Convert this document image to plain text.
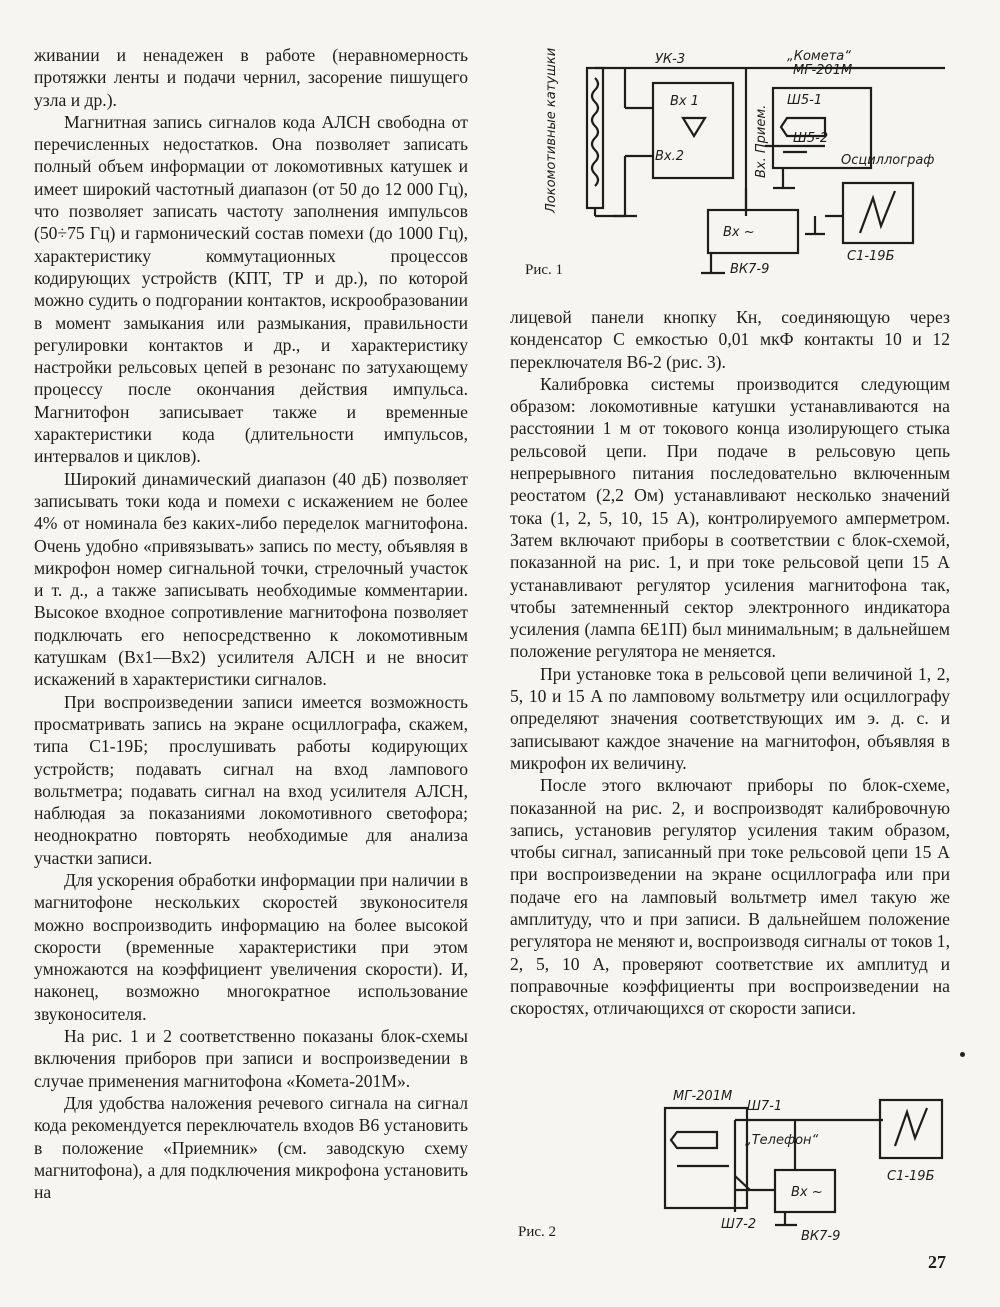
живании и ненадежен в работе (неравномерность протяжки ленты и подачи чернил, засорение пишущего узла и др.).

Магнитная запись сигналов кода АЛСН свободна от перечисленных недостатков. Она позволяет записать полный объем информации от локомотивных катушек и имеет широкий частотный диапазон (от 50 до 12 000 Гц), что позволяет записать частоту заполнения импульсов (50÷75 Гц) и гармонический состав помехи (до 1000 Гц), характеристику коммутационных процессов кодирующих устройств (КПТ, ТР и др.), по которой можно судить о подгорании контактов, искрообразовании в момент замыкания или размыкания, правильности регулировки контактов и др., и характеристику настройки рельсовых цепей в резонанс по затухающему процессу после окончания действия импульса. Магнитофон записывает также и временные характеристики кода (длительности импульсов, интервалов и циклов).

Широкий динамический диапазон (40 дБ) позволяет записывать токи кода и помехи с искажением не более 4% от номинала без каких-либо переделок магнитофона. Очень удобно «привязывать» запись по месту, объявляя в микрофон номер сигнальной точки, стрелочный участок и т. д., а также записывать необходимые комментарии. Высокое входное сопротивление магнитофона позволяет подключать его непосредственно к локомотивным катушкам (Вх1—Вх2) усилителя АЛСН и не вносит искажений в характеристики сигналов.

При воспроизведении записи имеется возможность просматривать запись на экране осциллографа, скажем, типа С1-19Б; прослушивать работы кодирующих устройств; подавать сигнал на вход лампового вольтметра; подавать сигнал на вход усилителя АЛСН, наблюдая за показаниями локомотивного светофора; неоднократно повторять необходимые для анализа участки записи.

Для ускорения обработки информации при наличии в магнитофоне нескольких скоростей звуконосителя можно воспроизводить информацию на более высокой скорости (временные характеристики при этом умножаются на коэффициент увеличения скорости). И, наконец, возможно многократное использование звуконосителя.

На рис. 1 и 2 соответственно показаны блок-схемы включения приборов при записи и воспроизведении в случае применения магнитофона «Комета-201М».

Для удобства наложения речевого сигнала на сигнал кода рекомендуется переключатель входов В6 установить в положение «Приемник» (см. заводскую схему магнитофона), а для подключения микрофона установить на

лицевой панели кнопку Кн, соединяющую через конденсатор С емкостью 0,01 мкФ контакты 10 и 12 переключателя В6-2 (рис. 3).

Калибровка системы производится следующим образом: локомотивные катушки устанавливаются на расстоянии 1 м от токового конца изолирующего стыка рельсовой цепи. При подаче в рельсовую цепь непрерывного питания последовательно включенным реостатом (2,2 Ом) устанавливают несколько значений тока (1, 2, 5, 10, 15 А), контролируемого амперметром. Затем включают приборы в соответствии с блок-схемой, показанной на рис. 1, и при токе рельсовой цепи 15 А устанавливают регулятор усиления магнитофона так, чтобы затемненный сектор электронного индикатора усиления (лампа 6Е1П) был минимальным; в дальнейшем положение регулятора не меняется.

При установке тока в рельсовой цепи величиной 1, 2, 5, 10 и 15 А по ламповому вольтметру или осциллографу определяют значения соответствующих им э. д. с. и записывают каждое значение на магнитофон, объявляя в микрофон их величину.

После этого включают приборы по блок-схеме, показанной на рис. 2, и воспроизводят калибровочную запись, установив регулятор усиления таким образом, чтобы сигнал, записанный при токе рельсовой цепи 15 А при воспроизведении на экране осциллографа или при подаче его на ламповый вольтметр имел такую же амплитуду, что и при записи. В дальнейшем положение регулятора не меняют и, воспроизводя сигналы от токов 1, 2, 5, 10 А, проверяют соответствие их амплитуд и поправочные коэффициенты при воспроизведении на скоростях, отличающихся от скорости записи.

УК-3
Вх 1
Вх.2
„Комета“
МГ-201М
Ш5-1
Ш5-2
Осциллограф
С1-19Б
Вх ~
ВК7-9
Локомотивные катушки	Вх. Прием.
Рис. 1
МГ-201М
Ш7-1
„Телефон“
Ш7-2
С1-19Б
Вх ~
ВК7-9
Рис. 2
27
